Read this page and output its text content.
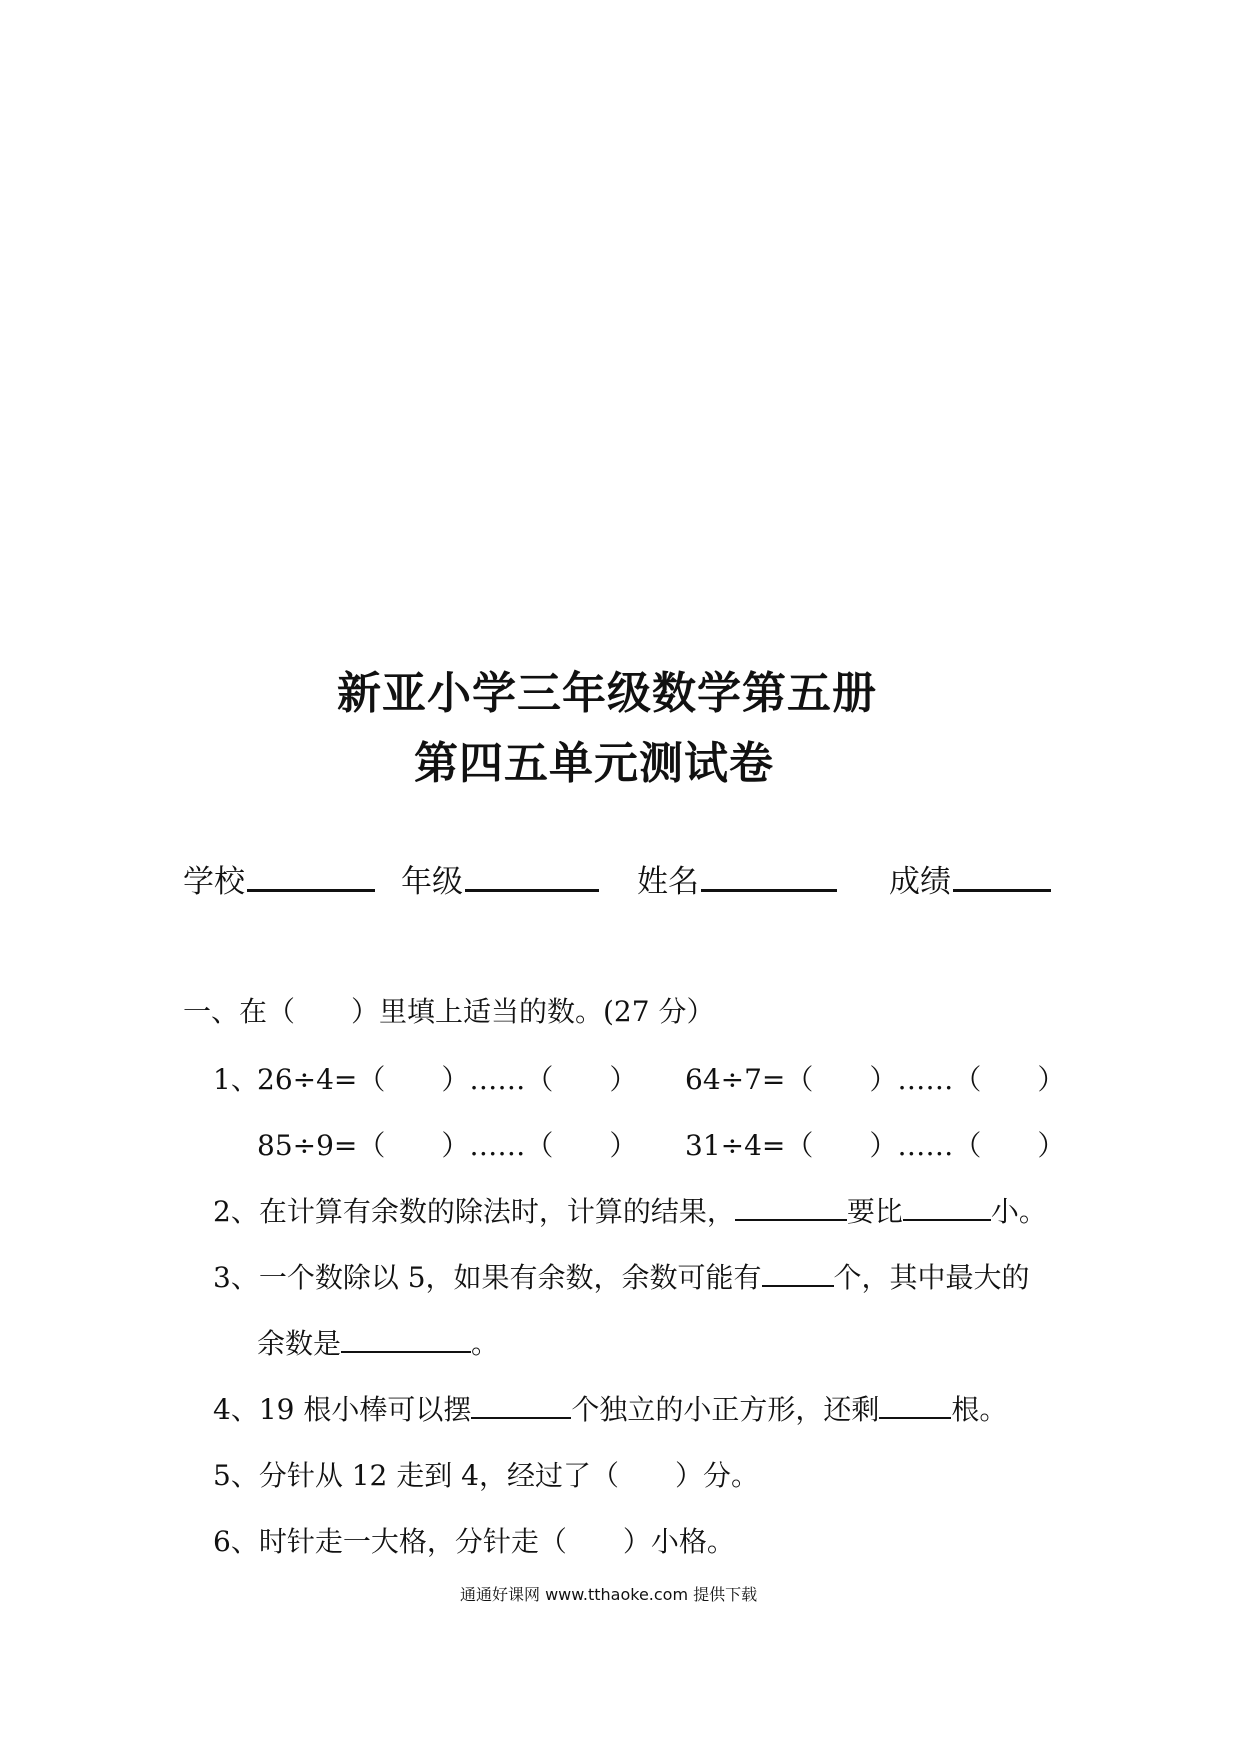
新亚小学三年级数学第五册
第四五单元测试卷
学校	年级	姓名	成绩
一、在（　　）里填上适当的数。(27 分）
1、
26÷4=（　　）……（　　） 64÷7=（　　）……（　　）
85÷9=（　　）……（　　） 31÷4=（　　）……（　　）
2、在计算有余数的除法时，计算的结果，	要比	小。
3、一个数除以 5，如果有余数，余数可能有	个，其中最大的
余数是	。
4、19 根小棒可以摆	个独立的小正方形，还剩	根。
5、分针从 12 走到 4，经过了（　　）分。
6、时针走一大格，分针走（　　）小格。
通通好课网 www.tthaoke.com 提供下载
